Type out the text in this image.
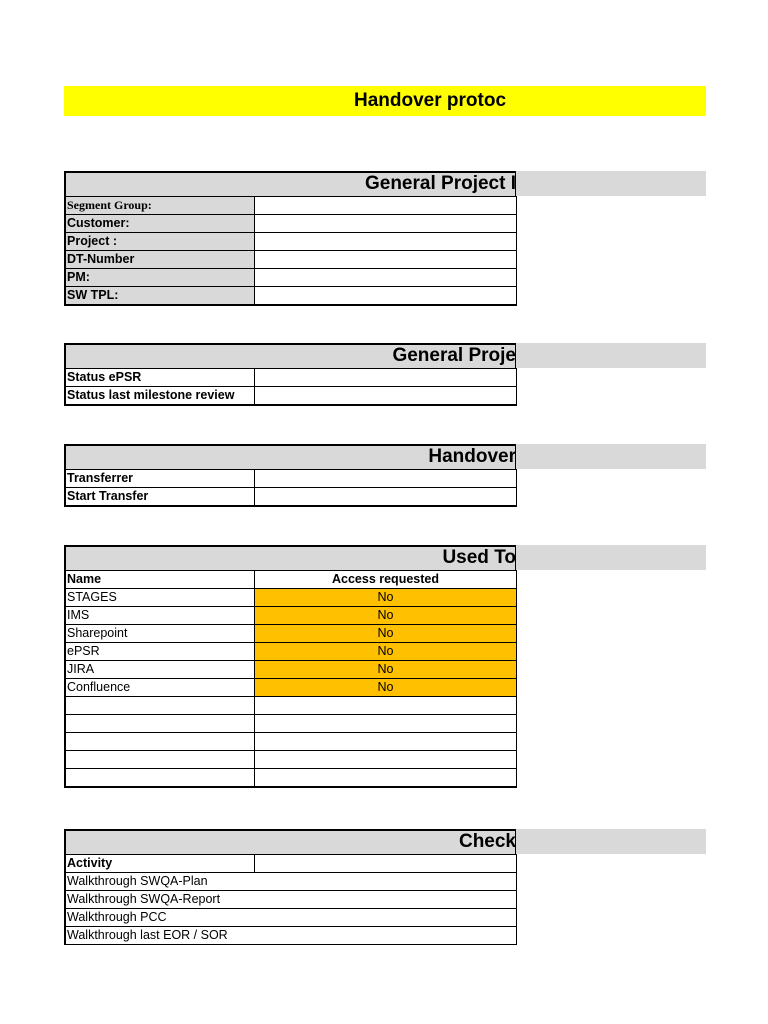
Handover protoc
General Project I
Segment Group:	
Customer:	
Project :	
DT-Number	
PM:	
SW TPL:	
General Proje
Status ePSR	
Status last milestone review	
Handover
Transferrer	
Start Transfer	
Used To
Name	Access requested
STAGES	No
IMS	No
Sharepoint	No
ePSR	No
JIRA	No
Confluence	No

Check
Activity	
Walkthrough SWQA-Plan
Walkthrough SWQA-Report
Walkthrough PCC
Walkthrough last EOR / SOR
